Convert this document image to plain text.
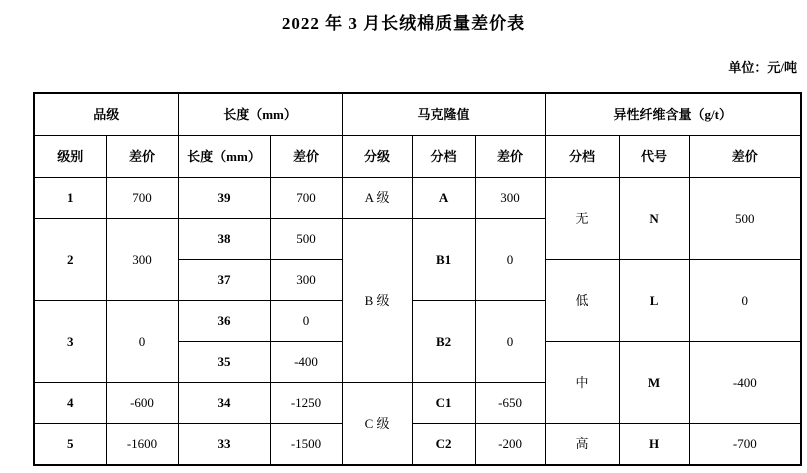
2022 年 3 月长绒棉质量差价表
单位：元/吨
品级		长度（mm）		马克隆值			异性纤维含量（g/t）		
级别	差价	长度（mm）	差价	分级	分档	差价	分档	代号	差价
1	700	39	700	A 级	A	300	无	N	500
2	300	38	500	B 级	B1	0			
		37	300				低	L	0
3	0	36	0		B2	0			
		35	-400				中	M	-400
4	-600	34	-1250	C 级	C1	-650			
5	-1600	33	-1500		C2	-200	高	H	-700
